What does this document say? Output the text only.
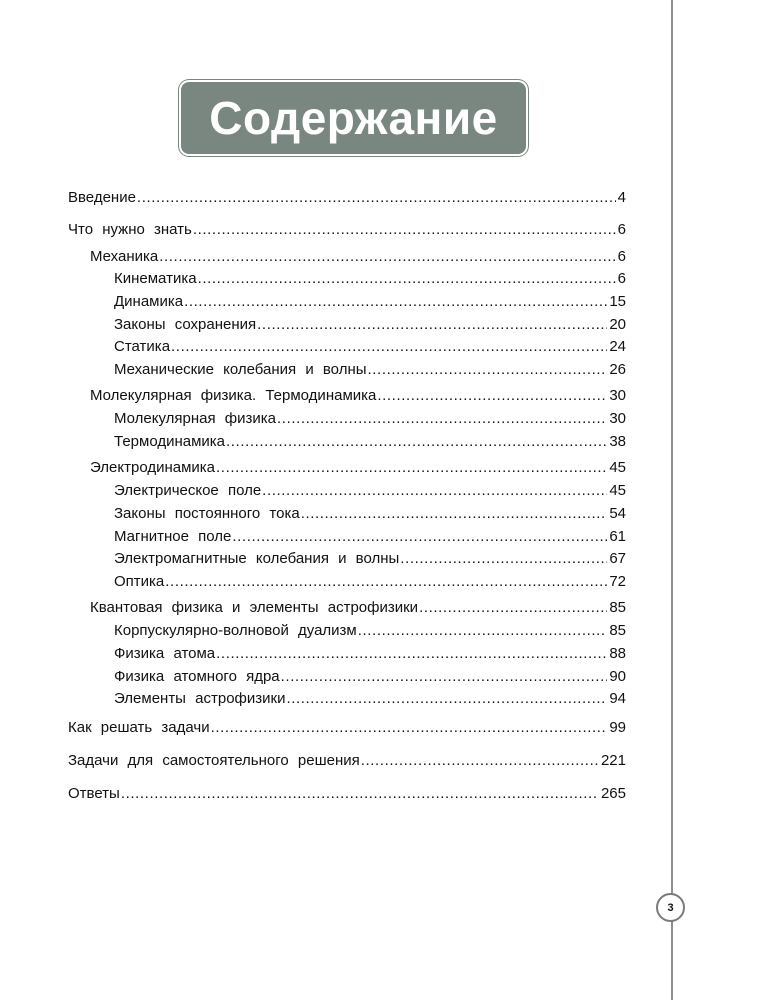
Содержание
Введение .....	4
Что нужно знать .....	6
Механика .....	6
Кинематика .....	6
Динамика .....	15
Законы сохранения .....	20
Статика .....	24
Механические колебания и волны .....	26
Молекулярная физика. Термодинамика .....	30
Молекулярная физика .....	30
Термодинамика .....	38
Электродинамика .....	45
Электрическое поле .....	45
Законы постоянного тока .....	54
Магнитное поле .....	61
Электромагнитные колебания и волны .....	67
Оптика .....	72
Квантовая физика и элементы астрофизики .....	85
Корпускулярно-волновой дуализм .....	85
Физика атома .....	88
Физика атомного ядра .....	90
Элементы астрофизики .....	94
Как решать задачи .....	99
Задачи для самостоятельного решения .....	221
Ответы .....	265
3
